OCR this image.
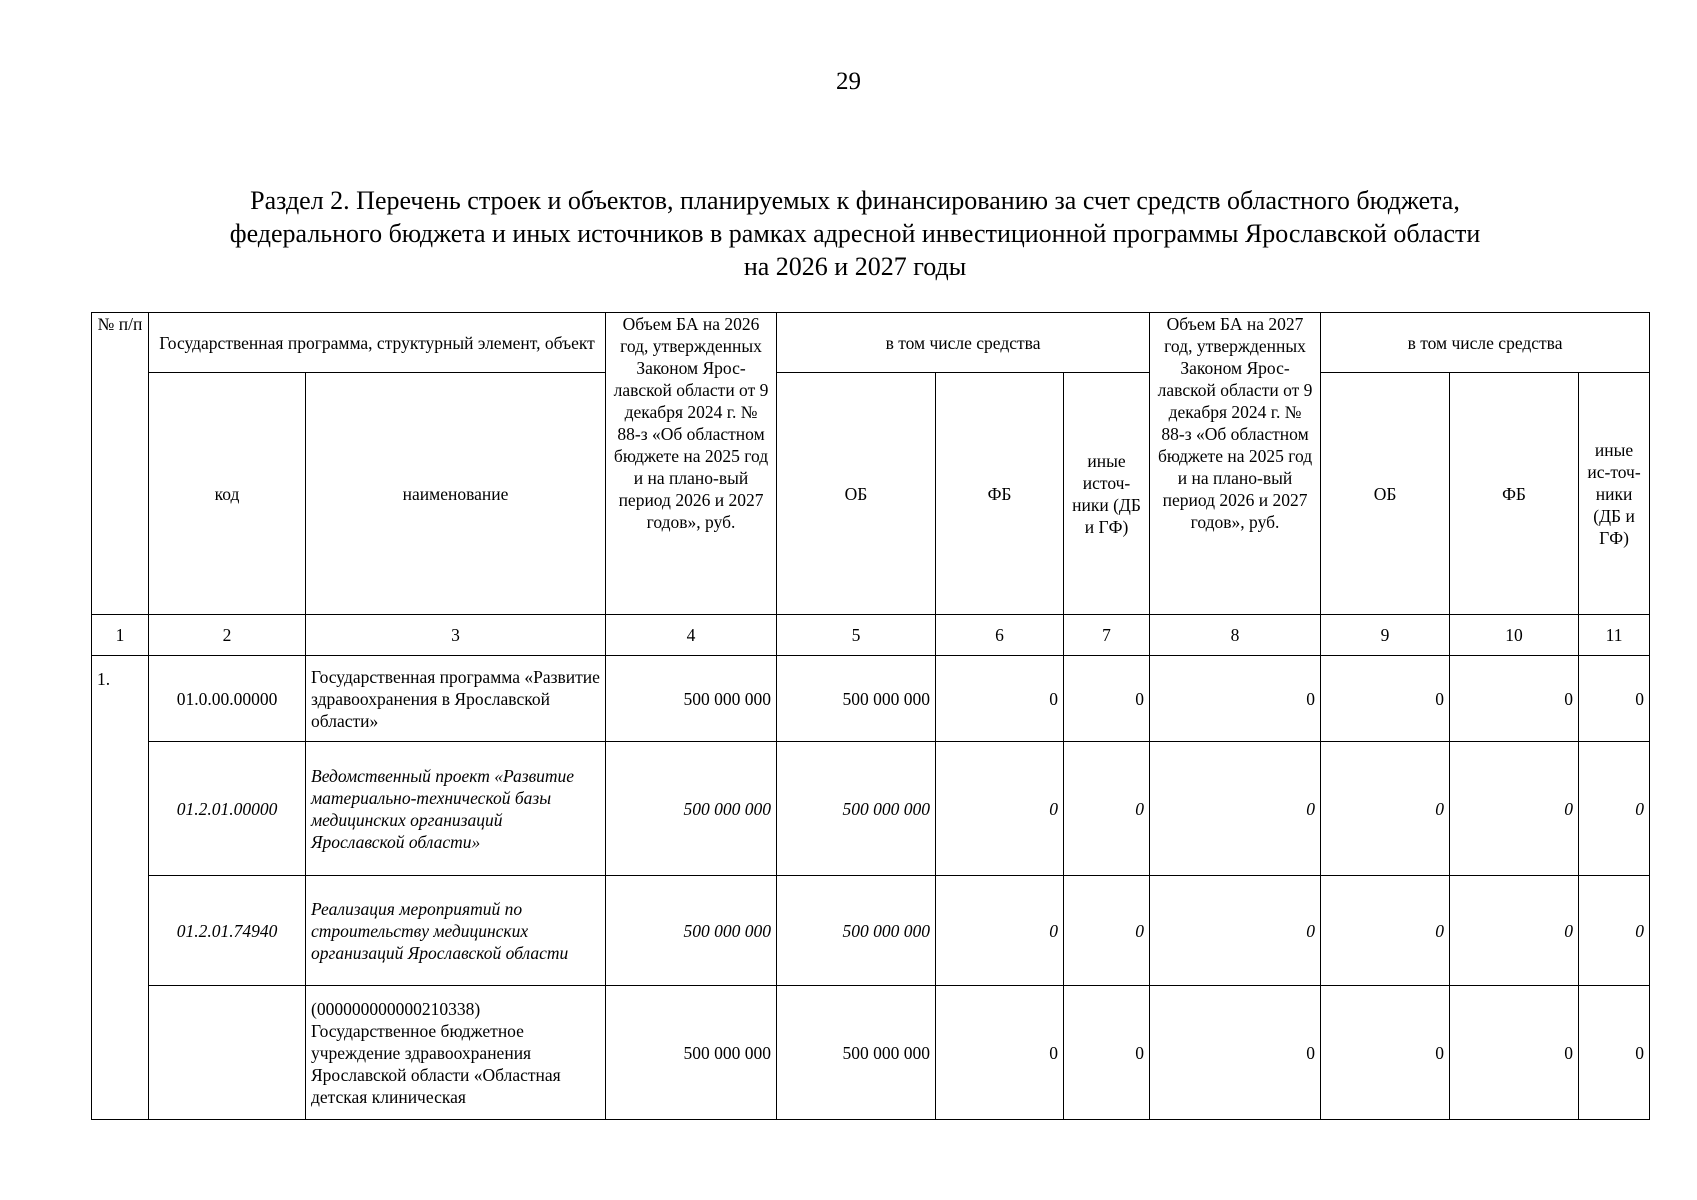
29
Раздел 2. Перечень строек и объектов, планируемых к финансированию за счет средств областного бюджета,
федерального бюджета и иных источников в рамках адресной инвестиционной программы Ярославской области
на 2026 и 2027 годы
№ п/п	Государственная программа, структурный элемент, объект		Объем БА на 2026 год, утвержденных Законом Ярос-лавской области от 9 декабря 2024 г. № 88-з «Об областном бюджете на 2025 год и на плано-вый период 2026 и 2027 годов», руб.	в том числе средства			Объем БА на 2027 год, утвержденных Законом Ярос-лавской области от 9 декабря 2024 г. № 88-з «Об областном бюджете на 2025 год и на плано-вый период 2026 и 2027 годов», руб.	в том числе средства		
	код	наименование		ОБ	ФБ	иные источ-ники (ДБ и ГФ)		ОБ	ФБ	иные ис-точ-ники (ДБ и ГФ)
1	2	3	4	5	6	7	8	9	10	11
1.	01.0.00.00000	Государственная программа «Развитие здравоохранения в Ярославской области»	500 000 000	500 000 000	0	0	0	0	0	0
	01.2.01.00000	Ведомственный проект «Развитие материально-технической базы медицинских организаций Ярославской области»	500 000 000	500 000 000	0	0	0	0	0	0
	01.2.01.74940	Реализация мероприятий по строительству медицинских организаций Ярославской области	500 000 000	500 000 000	0	0	0	0	0	0
		(000000000000210338) Государственное бюджетное учреждение здравоохранения Ярославской области «Областная детская клиническая	500 000 000	500 000 000	0	0	0	0	0	0
